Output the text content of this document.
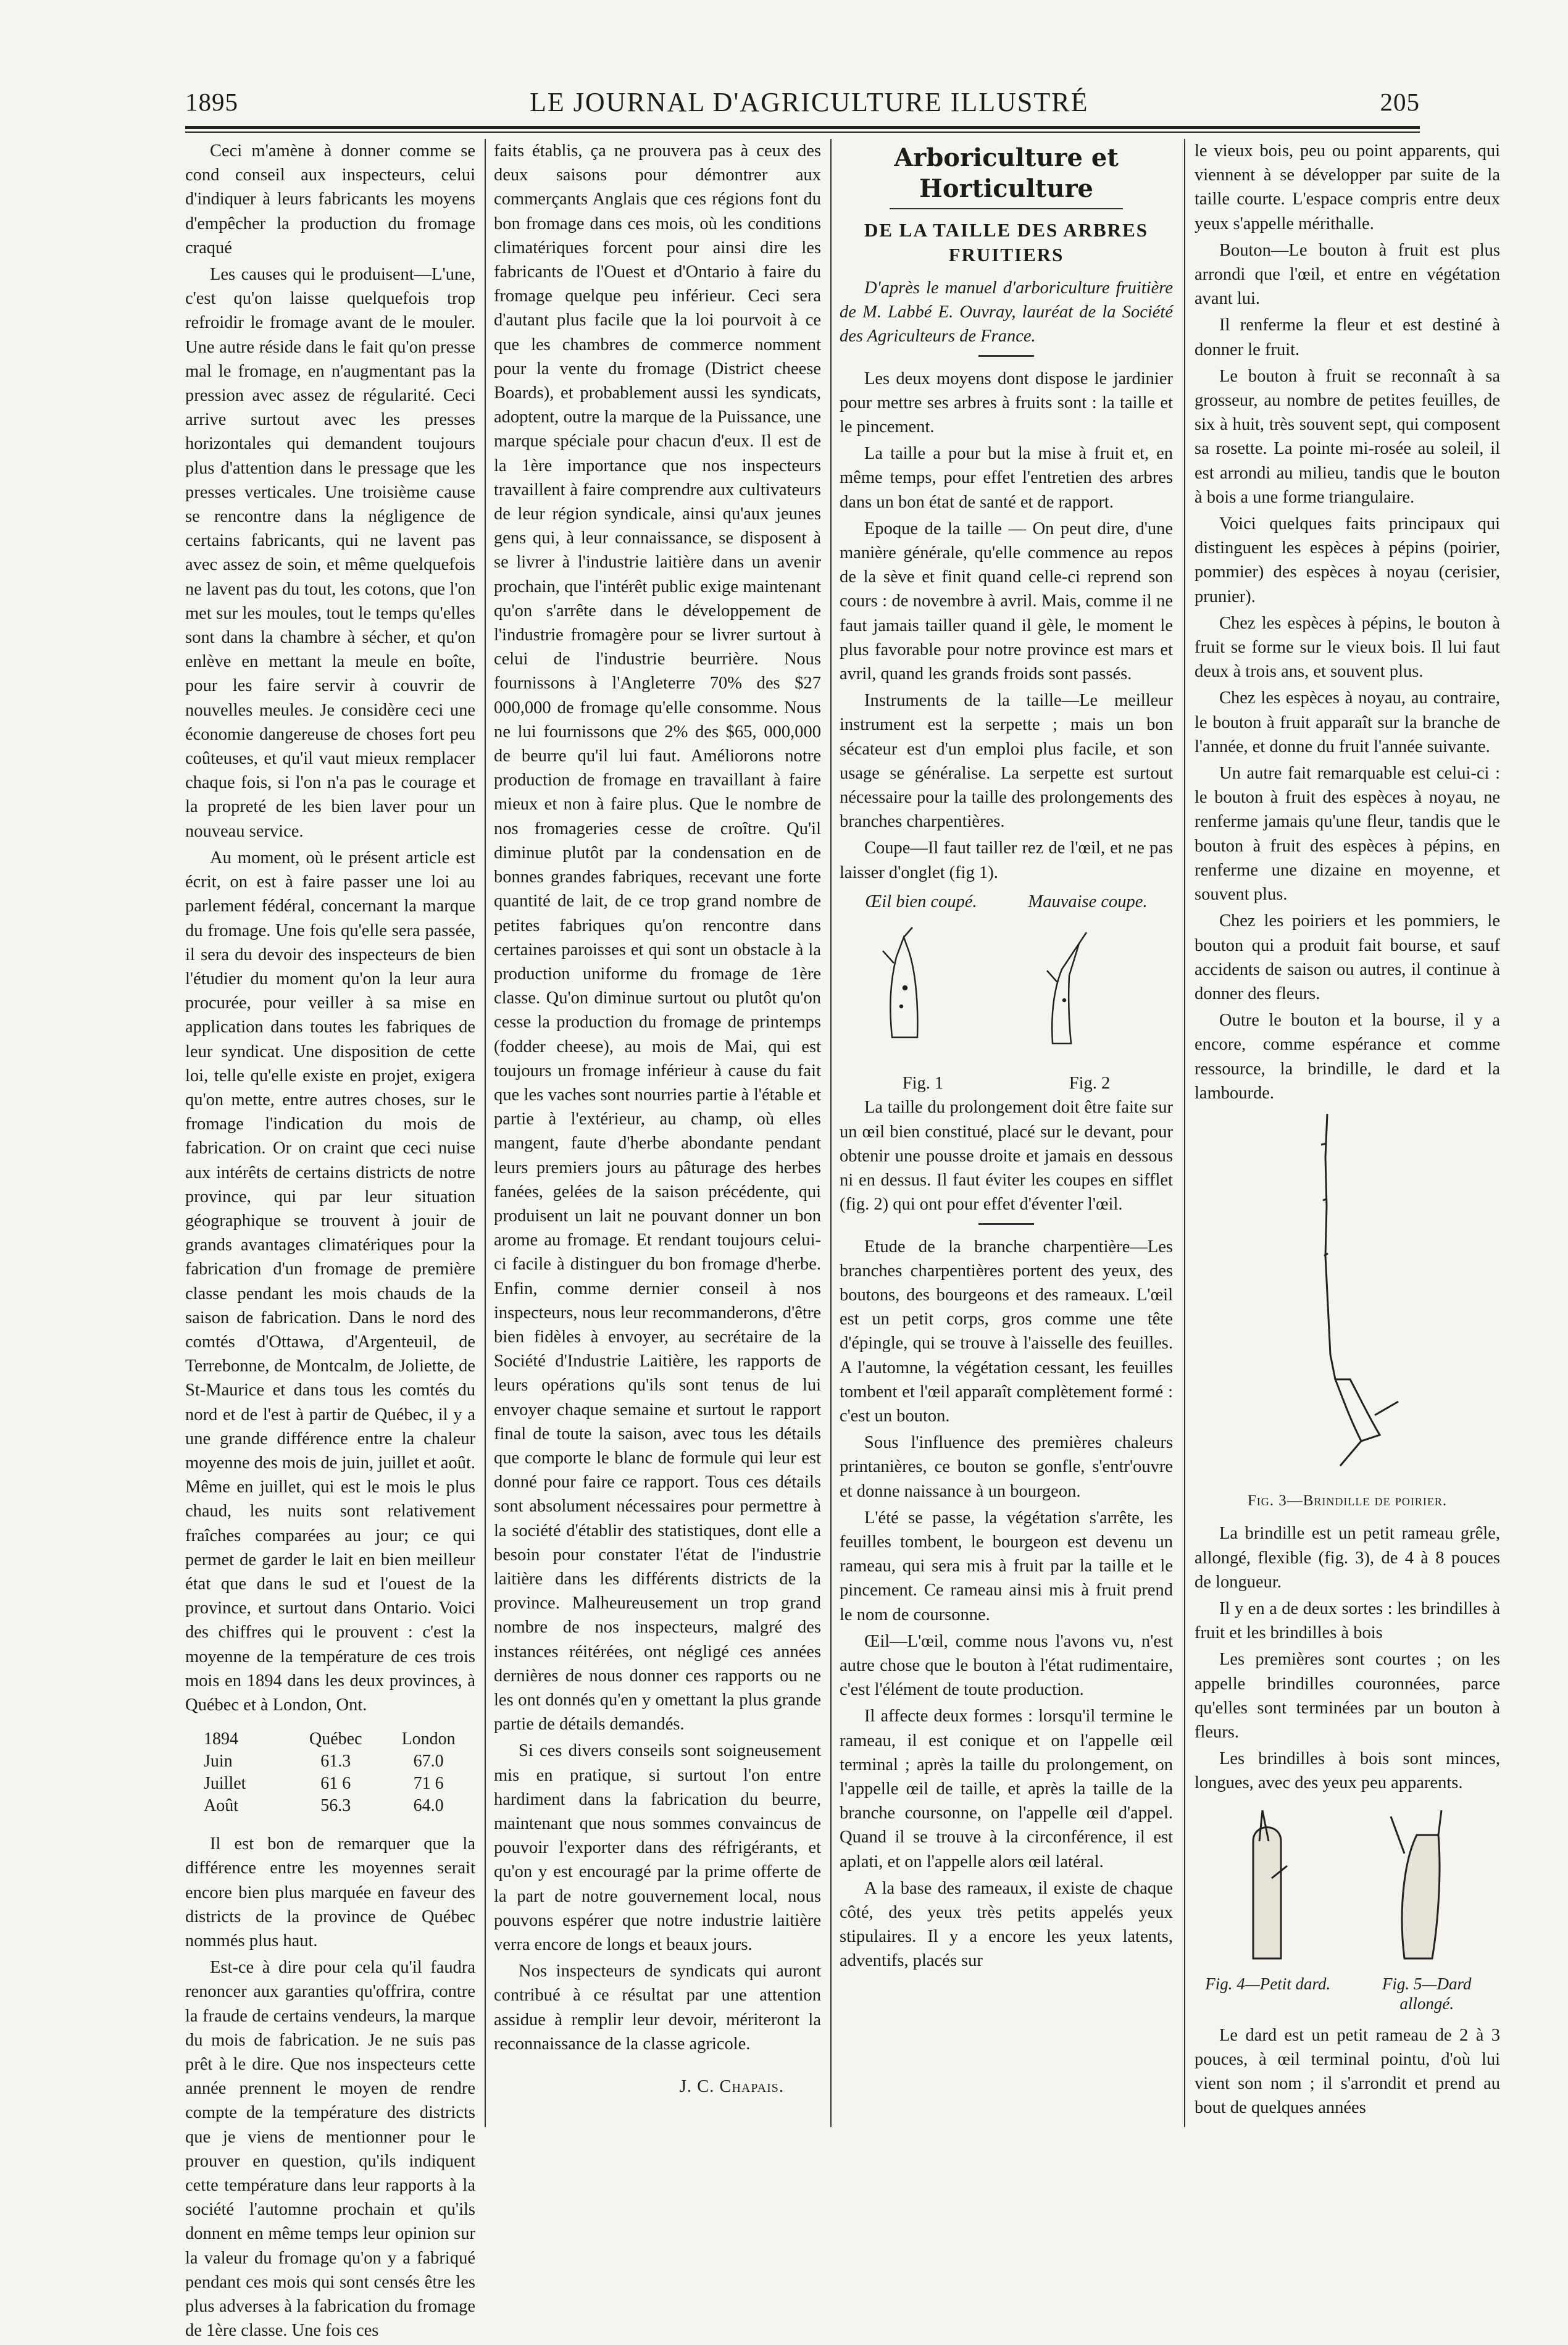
1895	LE JOURNAL D'AGRICULTURE ILLUSTRÉ	205

Ceci m'amène à donner comme se cond conseil aux inspecteurs, celui d'indiquer à leurs fabricants les moyens d'empêcher la production du fromage craqué

Les causes qui le produisent—L'une, c'est qu'on laisse quelquefois trop refroidir le fromage avant de le mouler. Une autre réside dans le fait qu'on presse mal le fromage, en n'augmentant pas la pression avec assez de régularité. Ceci arrive surtout avec les presses horizontales qui demandent toujours plus d'attention dans le pressage que les presses verticales. Une troisième cause se rencontre dans la négligence de certains fabricants, qui ne lavent pas avec assez de soin, et même quelquefois ne lavent pas du tout, les cotons, que l'on met sur les moules, tout le temps qu'elles sont dans la chambre à sécher, et qu'on enlève en mettant la meule en boîte, pour les faire servir à couvrir de nouvelles meules. Je considère ceci une économie dangereuse de choses fort peu coûteuses, et qu'il vaut mieux remplacer chaque fois, si l'on n'a pas le courage et la propreté de les bien laver pour un nouveau service.

Au moment, où le présent article est écrit, on est à faire passer une loi au parlement fédéral, concernant la marque du fromage. Une fois qu'elle sera passée, il sera du devoir des inspecteurs de bien l'étudier du moment qu'on la leur aura procurée, pour veiller à sa mise en application dans toutes les fabriques de leur syndicat. Une disposition de cette loi, telle qu'elle existe en projet, exigera qu'on mette, entre autres choses, sur le fromage l'indication du mois de fabrication. Or on craint que ceci nuise aux intérêts de certains districts de notre province, qui par leur situation géographique se trouvent à jouir de grands avantages climatériques pour la fabrication d'un fromage de première classe pendant les mois chauds de la saison de fabrication. Dans le nord des comtés d'Ottawa, d'Argenteuil, de Terrebonne, de Montcalm, de Joliette, de St-Maurice et dans tous les comtés du nord et de l'est à partir de Québec, il y a une grande différence entre la chaleur moyenne des mois de juin, juillet et août. Même en juillet, qui est le mois le plus chaud, les nuits sont relativement fraîches comparées au jour; ce qui permet de garder le lait en bien meilleur état que dans le sud et l'ouest de la province, et surtout dans Ontario. Voici des chiffres qui le prouvent : c'est la moyenne de la température de ces trois mois en 1894 dans les deux provinces, à Québec et à London, Ont.

1894	Québec	London
Juin	61.3	67.0
Juillet	61 6	71 6
Août	56.3	64.0

Il est bon de remarquer que la différence entre les moyennes serait encore bien plus marquée en faveur des districts de la province de Québec nommés plus haut.

Est-ce à dire pour cela qu'il faudra renoncer aux garanties qu'offrira, contre la fraude de certains vendeurs, la marque du mois de fabrication. Je ne suis pas prêt à le dire. Que nos inspecteurs cette année prennent le moyen de rendre compte de la température des districts que je viens de mentionner pour le prouver en question, qu'ils indiquent cette température dans leur rapports à la société l'automne prochain et qu'ils donnent en même temps leur opinion sur la valeur du fromage qu'on y a fabriqué pendant ces mois qui sont censés être les plus adverses à la fabrication du fromage de 1ère classe. Une fois ces

faits établis, ça ne prouvera pas à ceux des deux saisons pour démontrer aux commerçants Anglais que ces régions font du bon fromage dans ces mois, où les conditions climatériques forcent pour ainsi dire les fabricants de l'Ouest et d'Ontario à faire du fromage quelque peu inférieur. Ceci sera d'autant plus facile que la loi pourvoit à ce que les chambres de commerce nomment pour la vente du fromage (District cheese Boards), et probablement aussi les syndicats, adoptent, outre la marque de la Puissance, une marque spéciale pour chacun d'eux. Il est de la 1ère importance que nos inspecteurs travaillent à faire comprendre aux cultivateurs de leur région syndicale, ainsi qu'aux jeunes gens qui, à leur connaissance, se disposent à se livrer à l'industrie laitière dans un avenir prochain, que l'intérêt public exige maintenant qu'on s'arrête dans le développement de l'industrie fromagère pour se livrer surtout à celui de l'industrie beurrière. Nous fournissons à l'Angleterre 70% des $27 000,000 de fromage qu'elle consomme. Nous ne lui fournissons que 2% des $65, 000,000 de beurre qu'il lui faut. Améliorons notre production de fromage en travaillant à faire mieux et non à faire plus. Que le nombre de nos fromageries cesse de croître. Qu'il diminue plutôt par la condensation en de bonnes grandes fabriques, recevant une forte quantité de lait, de ce trop grand nombre de petites fabriques qu'on rencontre dans certaines paroisses et qui sont un obstacle à la production uniforme du fromage de 1ère classe. Qu'on diminue surtout ou plutôt qu'on cesse la production du fromage de printemps (fodder cheese), au mois de Mai, qui est toujours un fromage inférieur à cause du fait que les vaches sont nourries partie à l'étable et partie à l'extérieur, au champ, où elles mangent, faute d'herbe abondante pendant leurs premiers jours au pâturage des herbes fanées, gelées de la saison précédente, qui produisent un lait ne pouvant donner un bon arome au fromage. Et rendant toujours celui-ci facile à distinguer du bon fromage d'herbe. Enfin, comme dernier conseil à nos inspecteurs, nous leur recommanderons, d'être bien fidèles à envoyer, au secrétaire de la Société d'Industrie Laitière, les rapports de leurs opérations qu'ils sont tenus de lui envoyer chaque semaine et surtout le rapport final de toute la saison, avec tous les détails que comporte le blanc de formule qui leur est donné pour faire ce rapport. Tous ces détails sont absolument nécessaires pour permettre à la société d'établir des statistiques, dont elle a besoin pour constater l'état de l'industrie laitière dans les différents districts de la province. Malheureusement un trop grand nombre de nos inspecteurs, malgré des instances réitérées, ont négligé ces années dernières de nous donner ces rapports ou ne les ont donnés qu'en y omettant la plus grande partie de détails demandés.

Si ces divers conseils sont soigneusement mis en pratique, si surtout l'on entre hardiment dans la fabrication du beurre, maintenant que nous sommes convaincus de pouvoir l'exporter dans des réfrigérants, et qu'on y est encouragé par la prime offerte de la part de notre gouvernement local, nous pouvons espérer que notre industrie laitière verra encore de longs et beaux jours.

Nos inspecteurs de syndicats qui auront contribué à ce résultat par une attention assidue à remplir leur devoir, mériteront la reconnaissance de la classe agricole.

J. C. Chapais.
Arboriculture et Horticulture
DE LA TAILLE DES ARBRES FRUITIERS

D'après le manuel d'arboriculture fruitière de M. Labbé E. Ouvray, lauréat de la Société des Agriculteurs de France.

Les deux moyens dont dispose le jardinier pour mettre ses arbres à fruits sont : la taille et le pincement.

La taille a pour but la mise à fruit et, en même temps, pour effet l'entretien des arbres dans un bon état de santé et de rapport.

Epoque de la taille — On peut dire, d'une manière générale, qu'elle commence au repos de la sève et finit quand celle-ci reprend son cours : de novembre à avril. Mais, comme il ne faut jamais tailler quand il gèle, le moment le plus favorable pour notre province est mars et avril, quand les grands froids sont passés.

Instruments de la taille—Le meilleur instrument est la serpette ; mais un bon sécateur est d'un emploi plus facile, et son usage se généralise. La serpette est surtout nécessaire pour la taille des prolongements des branches charpentières.

Coupe—Il faut tailler rez de l'œil, et ne pas laisser d'onglet (fig 1).

Œil bien coupé.	Mauvaise coupe.
Fig. 1	Fig. 2

La taille du prolongement doit être faite sur un œil bien constitué, placé sur le devant, pour obtenir une pousse droite et jamais en dessous ni en dessus. Il faut éviter les coupes en sifflet (fig. 2) qui ont pour effet d'éventer l'œil.

Etude de la branche charpentière—Les branches charpentières portent des yeux, des boutons, des bourgeons et des rameaux. L'œil est un petit corps, gros comme une tête d'épingle, qui se trouve à l'aisselle des feuilles. A l'automne, la végétation cessant, les feuilles tombent et l'œil apparaît complètement formé : c'est un bouton.

Sous l'influence des premières chaleurs printanières, ce bouton se gonfle, s'entr'ouvre et donne naissance à un bourgeon.

L'été se passe, la végétation s'arrête, les feuilles tombent, le bourgeon est devenu un rameau, qui sera mis à fruit par la taille et le pincement. Ce rameau ainsi mis à fruit prend le nom de coursonne.

Œil—L'œil, comme nous l'avons vu, n'est autre chose que le bouton à l'état rudimentaire, c'est l'élément de toute production.

Il affecte deux formes : lorsqu'il termine le rameau, il est conique et on l'appelle œil terminal ; après la taille du prolongement, on l'appelle œil de taille, et après la taille de la branche coursonne, on l'appelle œil d'appel. Quand il se trouve à la circonférence, il est aplati, et on l'appelle alors œil latéral.

A la base des rameaux, il existe de chaque côté, des yeux très petits appelés yeux stipulaires. Il y a encore les yeux latents, adventifs, placés sur

le vieux bois, peu ou point apparents, qui viennent à se développer par suite de la taille courte. L'espace compris entre deux yeux s'appelle mérithalle.

Bouton—Le bouton à fruit est plus arrondi que l'œil, et entre en végétation avant lui.

Il renferme la fleur et est destiné à donner le fruit.

Le bouton à fruit se reconnaît à sa grosseur, au nombre de petites feuilles, de six à huit, très souvent sept, qui composent sa rosette. La pointe mi-rosée au soleil, il est arrondi au milieu, tandis que le bouton à bois a une forme triangulaire.

Voici quelques faits principaux qui distinguent les espèces à pépins (poirier, pommier) des espèces à noyau (cerisier, prunier).

Chez les espèces à pépins, le bouton à fruit se forme sur le vieux bois. Il lui faut deux à trois ans, et souvent plus.

Chez les espèces à noyau, au contraire, le bouton à fruit apparaît sur la branche de l'année, et donne du fruit l'année suivante.

Un autre fait remarquable est celui-ci : le bouton à fruit des espèces à noyau, ne renferme jamais qu'une fleur, tandis que le bouton à fruit des espèces à pépins, en renferme une dizaine en moyenne, et souvent plus.

Chez les poiriers et les pommiers, le bouton qui a produit fait bourse, et sauf accidents de saison ou autres, il continue à donner des fleurs.

Outre le bouton et la bourse, il y a encore, comme espérance et comme ressource, la brindille, le dard et la lambourde.

Fig. 3—Brindille de poirier.

La brindille est un petit rameau grêle, allongé, flexible (fig. 3), de 4 à 8 pouces de longueur.

Il y en a de deux sortes : les brindilles à fruit et les brindilles à bois

Les premières sont courtes ; on les appelle brindilles couronnées, parce qu'elles sont terminées par un bouton à fleurs.

Les brindilles à bois sont minces, longues, avec des yeux peu apparents.

Fig. 4—Petit dard.	Fig. 5—Dard allongé.

Le dard est un petit rameau de 2 à 3 pouces, à œil terminal pointu, d'où lui vient son nom ; il s'arrondit et prend au bout de quelques années
